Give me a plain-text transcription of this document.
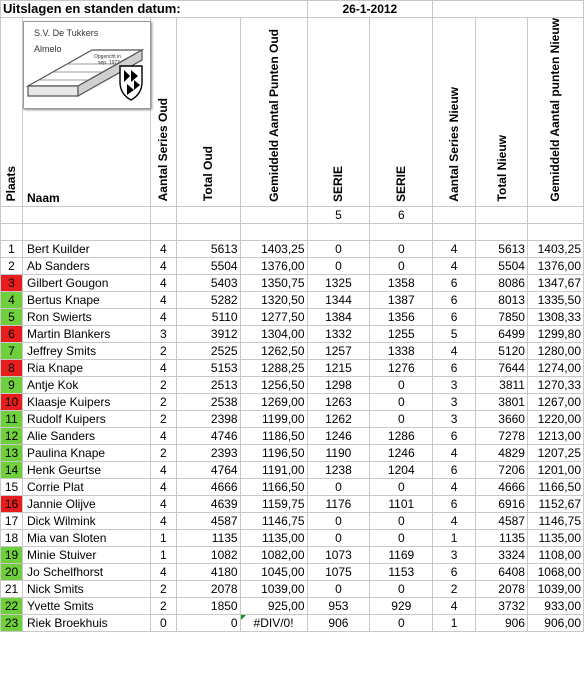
Uitslagen en standen datum:					26-1-2012				
Plaats	Naam	Aantal Series Oud	Total Oud	Gemiddeld Aantal Punten Oud	SERIE	SERIE	Aantal Series Nieuw	Total Nieuw	Gemiddeld Aantal punten Nieuw
					5	6			

1	Bert Kuilder	4	5613	1403,25	0	0	4	5613	1403,25
2	Ab Sanders	4	5504	1376,00	0	0	4	5504	1376,00
3	Gilbert Gougon	4	5403	1350,75	1325	1358	6	8086	1347,67
4	Bertus Knape	4	5282	1320,50	1344	1387	6	8013	1335,50
5	Ron Swierts	4	5110	1277,50	1384	1356	6	7850	1308,33
6	Martin Blankers	3	3912	1304,00	1332	1255	5	6499	1299,80
7	Jeffrey Smits	2	2525	1262,50	1257	1338	4	5120	1280,00
8	Ria Knape	4	5153	1288,25	1215	1276	6	7644	1274,00
9	Antje Kok	2	2513	1256,50	1298	0	3	3811	1270,33
10	Klaasje Kuipers	2	2538	1269,00	1263	0	3	3801	1267,00
11	Rudolf Kuipers	2	2398	1199,00	1262	0	3	3660	1220,00
12	Alie Sanders	4	4746	1186,50	1246	1286	6	7278	1213,00
13	Paulina Knape	2	2393	1196,50	1190	1246	4	4829	1207,25
14	Henk Geurtse	4	4764	1191,00	1238	1204	6	7206	1201,00
15	Corrie Plat	4	4666	1166,50	0	0	4	4666	1166,50
16	Jannie Olijve	4	4639	1159,75	1176	1101	6	6916	1152,67
17	Dick Wilmink	4	4587	1146,75	0	0	4	4587	1146,75
18	Mia van Sloten	1	1135	1135,00	0	0	1	1135	1135,00
19	Minie Stuiver	1	1082	1082,00	1073	1169	3	3324	1108,00
20	Jo Schelfhorst	4	4180	1045,00	1075	1153	6	6408	1068,00
21	Nick Smits	2	2078	1039,00	0	0	2	2078	1039,00
22	Yvette Smits	2	1850	925,00	953	929	4	3732	933,00
23	Riek Broekhuis	0	0	#DIV/0!	906	0	1	906	906,00
S.V. De Tukkers
Almelo
Opgericht in
sep. 1977
